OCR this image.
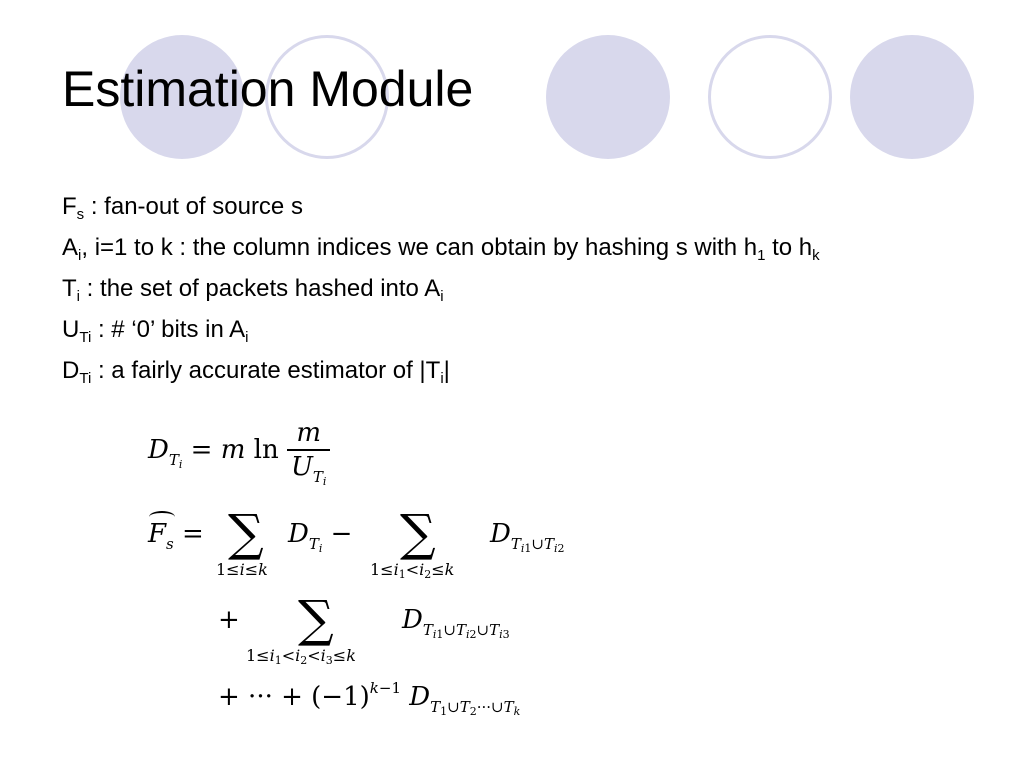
Estimation Module
$F_s$ : fan-out of source s
$A_i$, i=1 to k : the column indices we can obtain by hashing s with $h_1$ to $h_k$
$T_i$ : the set of packets hashed into $A_i$
$U_{Ti}$ : # ‘0’ bits in $A_i$
$D_{Ti}$ : a fairly accurate estimator of $|T_i|$
$D_{T_i} = m$ $\ln \frac{m}{U_{T_i}}$
$F_s$ = ∑
1≤i≤k
$D_{T_i}$ − ∑
1≤i1<i2≤k
$D_{T_{i1}\cup T_{i2}}$
+ ∑
1≤i1<i2<i3≤k
$D_{T_{i1}\cup T_{i2}\cup T_{i3}}$
+ ··· + $(-1)^{k-1}$ $D_{T_1\cup T_2\cdot\cdot\cdot\cup T_k}$
